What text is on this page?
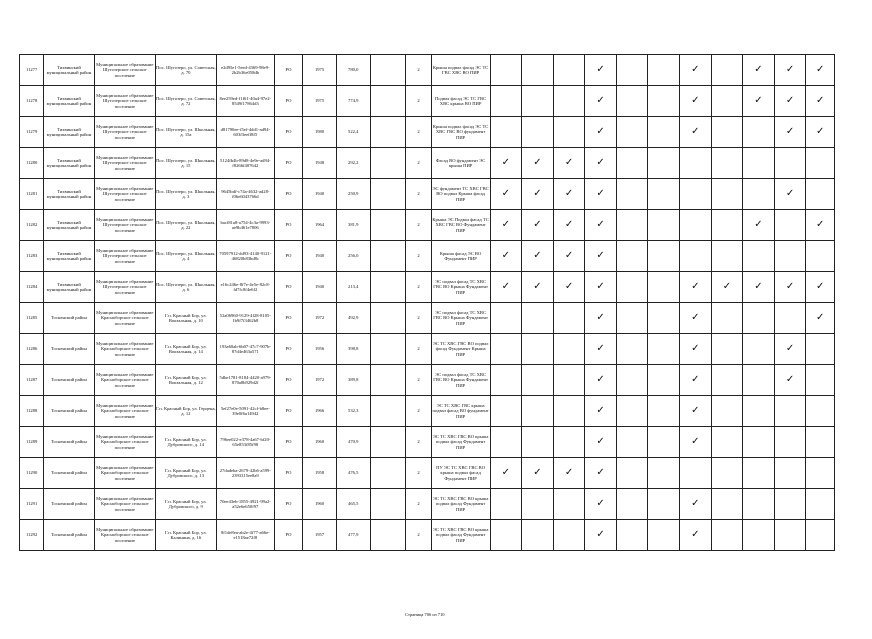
11277	Тихвинский муниципальный район	Муниципальное образование Шугозерское сельское поселение	Пос. Шугозеро, ул. Советская, д. 70	e2d95e1-5eed-4369-98e9-2b2b36e058db	РО	1975	780,0		2	Крыша подвал фасад ЭС ТС ГВС ХВС ВО ПИР				✓			✓		✓	✓	✓
11278	Тихвинский муниципальный район	Муниципальное образование Шугозерское сельское поселение	Пос. Шугозеро, ул. Советская, д. 72	8ee259ed-f1f61-40a4-97e2-8549f17864d3	РО	1975	774,9		2	Подвал фасад ЭС ТС ГВС ХВС крыша ВО ПИР				✓			✓		✓	✓	✓
11279	Тихвинский муниципальный район	Муниципальное образование Шугозерское сельское поселение	Пос. Шугозеро, ул. Школьная, д. 15а	d81790ee-f5ef-4dd1-ad94-603f3eeff8f5	РО	1980	522,4		2	Крыша подвал фасад ЭС ТС ХВС ГВС ВО фундамент ПИР				✓			✓			✓	✓
11280	Тихвинский муниципальный район	Муниципальное образование Шугозерское сельское поселение	Пос. Шугозеро, ул. Школьная, д. 15	5124fb4b-89d8-4e9e-ad94-f8266f407642	РО	1948	292,2		2	Фасад ВО фундамент ЭС крыша ПИР	✓	✓	✓	✓							
11281	Тихвинский муниципальный район	Муниципальное образование Шугозерское сельское поселение	Пос. Шугозеро, ул. Школьная, д. 3	9645bdf-c74a-4632-ad28-f06e6043766d	РО	1940	250,9		2	ЭС фундамент ТС ХВС ГВС ВО подвал Крыша фасад ПИР	✓	✓	✓	✓						✓	
11282	Тихвинский муниципальный район	Муниципальное образование Шугозерское сельское поселение	Пос. Шугозеро, ул. Школьная, д. 22	bacf81a8-a754-4c3a-9993-ae9b461e7806	РО	1964	381,9		2	Крыша ЭС Подвал фасад ТС ХВС ГВС ВО Фундамент ПИР	✓	✓	✓	✓					✓		✓
11283	Тихвинский муниципальный район	Муниципальное образование Шугозерское сельское поселение	Пос. Шугозеро, ул. Школьная, д. 4	70597912-dd93-4140-9121-46820b83bd8c	РО	1940	256,0		2	Крыша фасад ЭС ВО Фундамент ПИР	✓	✓	✓	✓							
11284	Тихвинский муниципальный район	Муниципальное образование Шугозерское сельское поселение	Пос. Шугозеро, ул. Школьная, д. 6	e16c246e-8f7e-4e5e-82c8-fd7fc8f4e6f2	РО	1940	213,4		2	ЭС подвал фасад ТС ХВС ГВС ВО Крыша Фундамент ПИР	✓	✓	✓	✓			✓	✓	✓	✓	✓
11285	Тосненский район	Муниципальное образование Красноборское сельское поселение	Г.п. Красный Бор, ул. Вокзальная, д. 10	52a06960-9129-4f28-8105-1b9f7f3462b8	РО	1972	492,9		2	ЭС подвал фасад ТС ХВС ГВС ВО Крыша Фундамент ПИР				✓			✓				✓
11286	Тосненский район	Муниципальное образование Красноборское сельское поселение	Г.п. Красный Бор, ул. Вокзальная, д. 14	193a60ab-6b07-47c7-907b-87d4e463a571	РО	1956	398,8		2	ЭС ТС ХВС ГВС ВО подвал фасад Фундамент Крыша ПИР				✓			✓			✓	
11287	Тосненский район	Муниципальное образование Красноборское сельское поселение	Г.п. Красный Бор, ул. Вокзальная, д. 12	5dbe1781-8184-4420-a979-870a8b929d2f	РО	1972	389,8		2	ЭС подвал фасад ТС ХВС ГВС ВО Крыша Фундамент ПИР				✓			✓			✓	
11288	Тосненский район	Муниципальное образование Красноборское сельское поселение	Г.п. Красный Бор, ул. Герцена, д. 12	5ef27e0e-5091-42cf-b8ee-39e0f6a14942	РО	1966	532,3		2	ЭС ТС ХВС ГВС крыша подвал фасад ВО фундамент ПИР				✓			✓				
11289	Тосненский район	Муниципальное образование Красноборское сельское поселение	Г.п. Красный Бор, ул. Дубровского, д. 14	796ee022-e378-4a67-bf20-65e853f85f98	РО	1960	470,9		2	ЭС ТС ХВС ГВС ВО крыша подвал фасад Фундамент ПИР				✓			✓				
11290	Тосненский район	Муниципальное образование Красноборское сельское поселение	Г.п. Красный Бор, ул. Дубровского, д. 13	27dadeba-2679-42b6-a599-2393315ee8a9	РО	1958	476,5		2	ПУ ЭС ТС ХВС ГВС ВО крыша подвал фасад Фундамент ПИР	✓	✓	✓	✓							
11291	Тосненский район	Муниципальное образование Красноборское сельское поселение	Г.п. Красный Бор, ул. Дубровского, д. 9	70ee43eb-1855-4921-99a2-a52e6e650f97	РО	1960	465,5		2	ЭС ТС ХВС ГВС ВО крыша подвал фасад Фундамент ПИР				✓			✓				
11292	Тосненский район	Муниципальное образование Красноборское сельское поселение	Г.п. Красный Бор, ул. Калинина, д. 16	8f1de8ea-ab2e-4f77-a66e-e1518ae72f8	РО	1957	477,9		2	ЭС ТС ХВС ГВС ВО крыша подвал фасад Фундамент ПИР				✓			✓				
Страница 706 из 710
